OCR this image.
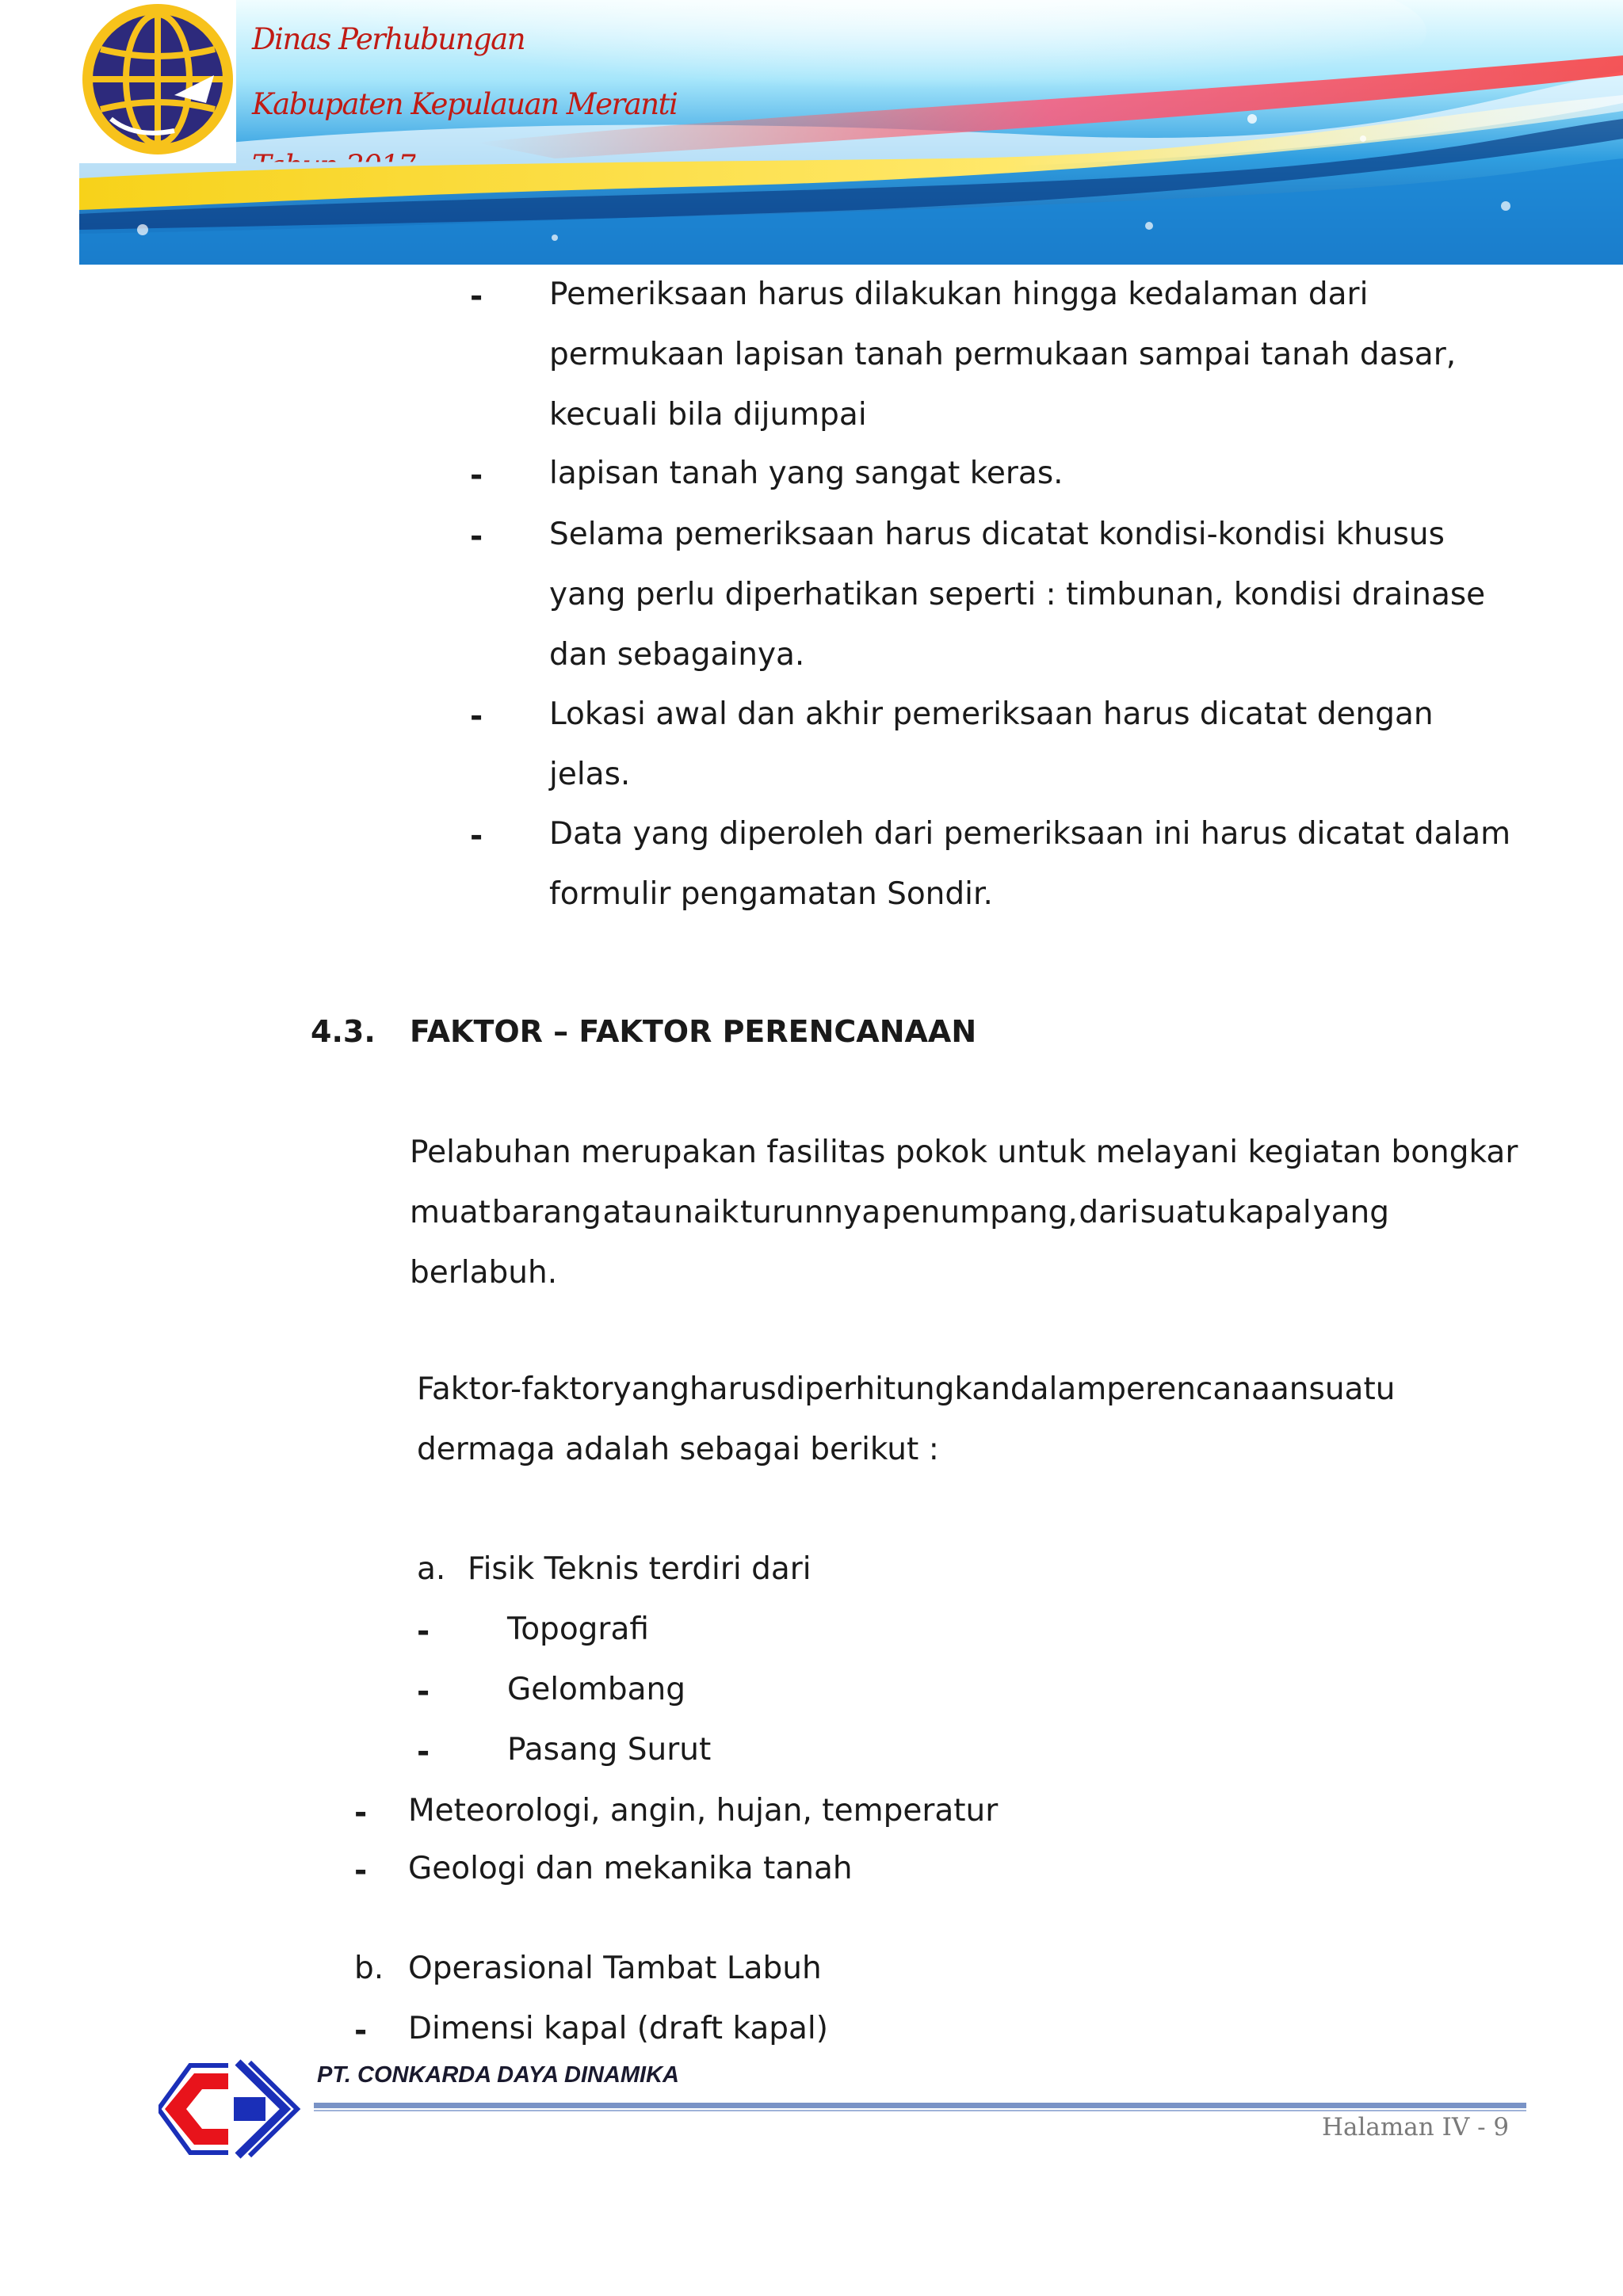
Dinas Perhubungan
Kabupaten Kepulauan Meranti
- Pemeriksaan harus dilakukan hingga kedalaman dari
permukaan lapisan tanah permukaan sampai tanah dasar,
kecuali bila dijumpai
- lapisan tanah yang sangat keras.
- Selama pemeriksaan harus dicatat kondisi-kondisi khusus
yang perlu diperhatikan seperti : timbunan, kondisi drainase
dan sebagainya.
- Lokasi awal dan akhir pemeriksaan harus dicatat dengan
jelas.
- Data yang diperoleh dari pemeriksaan ini harus dicatat dalam
formulir pengamatan Sondir.
4.3. FAKTOR – FAKTOR PERENCANAAN
Pelabuhan merupakan fasilitas pokok untuk melayani kegiatan bongkar
muat barang atau naik turunnya penumpang, dari suatu kapal yang
berlabuh.
Faktor-faktor yang harus diperhitungkan dalam perencanaan suatu
dermaga adalah sebagai berikut :
a. Fisik Teknis terdiri dari
-	Topografi
-	Gelombang
-	Pasang Surut
- Meteorologi, angin, hujan, temperatur
- Geologi dan mekanika tanah
b. Operasional Tambat Labuh
- Dimensi kapal (draft kapal)
PT. CONKARDA DAYA DINAMIKA
Halaman IV - 9
